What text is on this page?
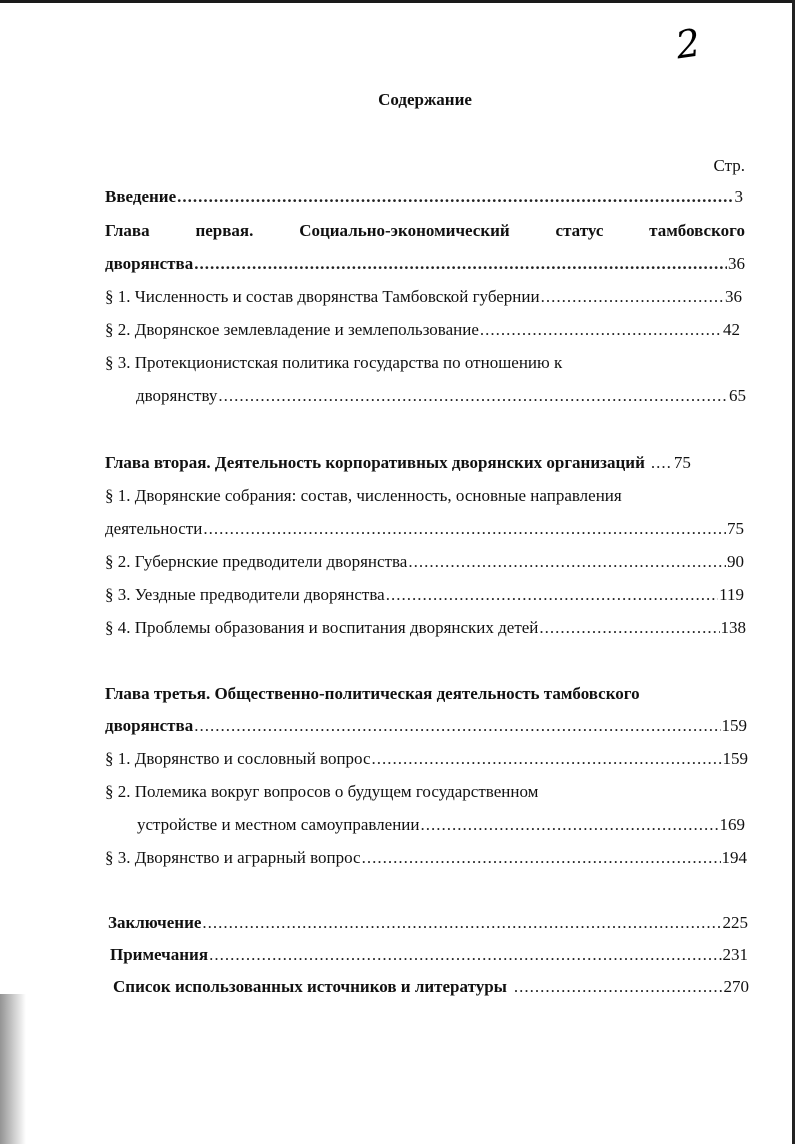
2
Содержание
Стр.
Введение .....	3
Глава	первая.	Социально-экономический	статус	тамбовского
дворянства .....	36
§ 1. Численность и состав дворянства Тамбовской губернии .....	36
§ 2. Дворянское землевладение и землепользование .....	42
§ 3. Протекционистская политика государства по отношению к
дворянству .....	65
Глава вторая. Деятельность корпоративных дворянских организаций ..... 75
§ 1. Дворянские собрания: состав, численность, основные направления
деятельности .....	75
§ 2. Губернские предводители дворянства .....	90
§ 3. Уездные предводители дворянства .....	119
§ 4. Проблемы образования и воспитания дворянских детей .....	138
Глава третья. Общественно-политическая деятельность тамбовского
дворянства .....	159
§ 1. Дворянство и сословный вопрос .....	159
§ 2. Полемика вокруг вопросов о будущем государственном
устройстве и местном самоуправлении .....	169
§ 3. Дворянство и аграрный вопрос .....	194
Заключение .....	225
Примечания .....	231
Список использованных источников и литературы .....	270
